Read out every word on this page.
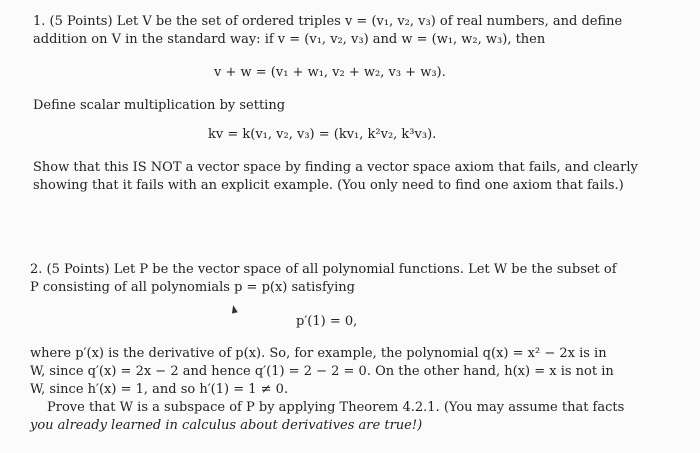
1. (5 Points) Let V be the set of ordered triples v = (v₁, v₂, v₃) of real numbers, and define
addition on V in the standard way: if v = (v₁, v₂, v₃) and w = (w₁, w₂, w₃), then
v + w = (v₁ + w₁, v₂ + w₂, v₃ + w₃).
Define scalar multiplication by setting
kv = k(v₁, v₂, v₃) = (kv₁, k²v₂, k³v₃).
Show that this IS NOT a vector space by finding a vector space axiom that fails, and clearly
showing that it fails with an explicit example. (You only need to find one axiom that fails.)
2. (5 Points) Let P be the vector space of all polynomial functions. Let W be the subset of
P consisting of all polynomials p = p(x) satisfying
p′(1) = 0,
where p′(x) is the derivative of p(x). So, for example, the polynomial q(x) = x² − 2x is in
W, since q′(x) = 2x − 2 and hence q′(1) = 2 − 2 = 0. On the other hand, h(x) = x is not in
W, since h′(x) = 1, and so h′(1) = 1 ≠ 0.
Prove that W is a subspace of P by applying Theorem 4.2.1. (You may assume that facts
you already learned in calculus about derivatives are true!)
